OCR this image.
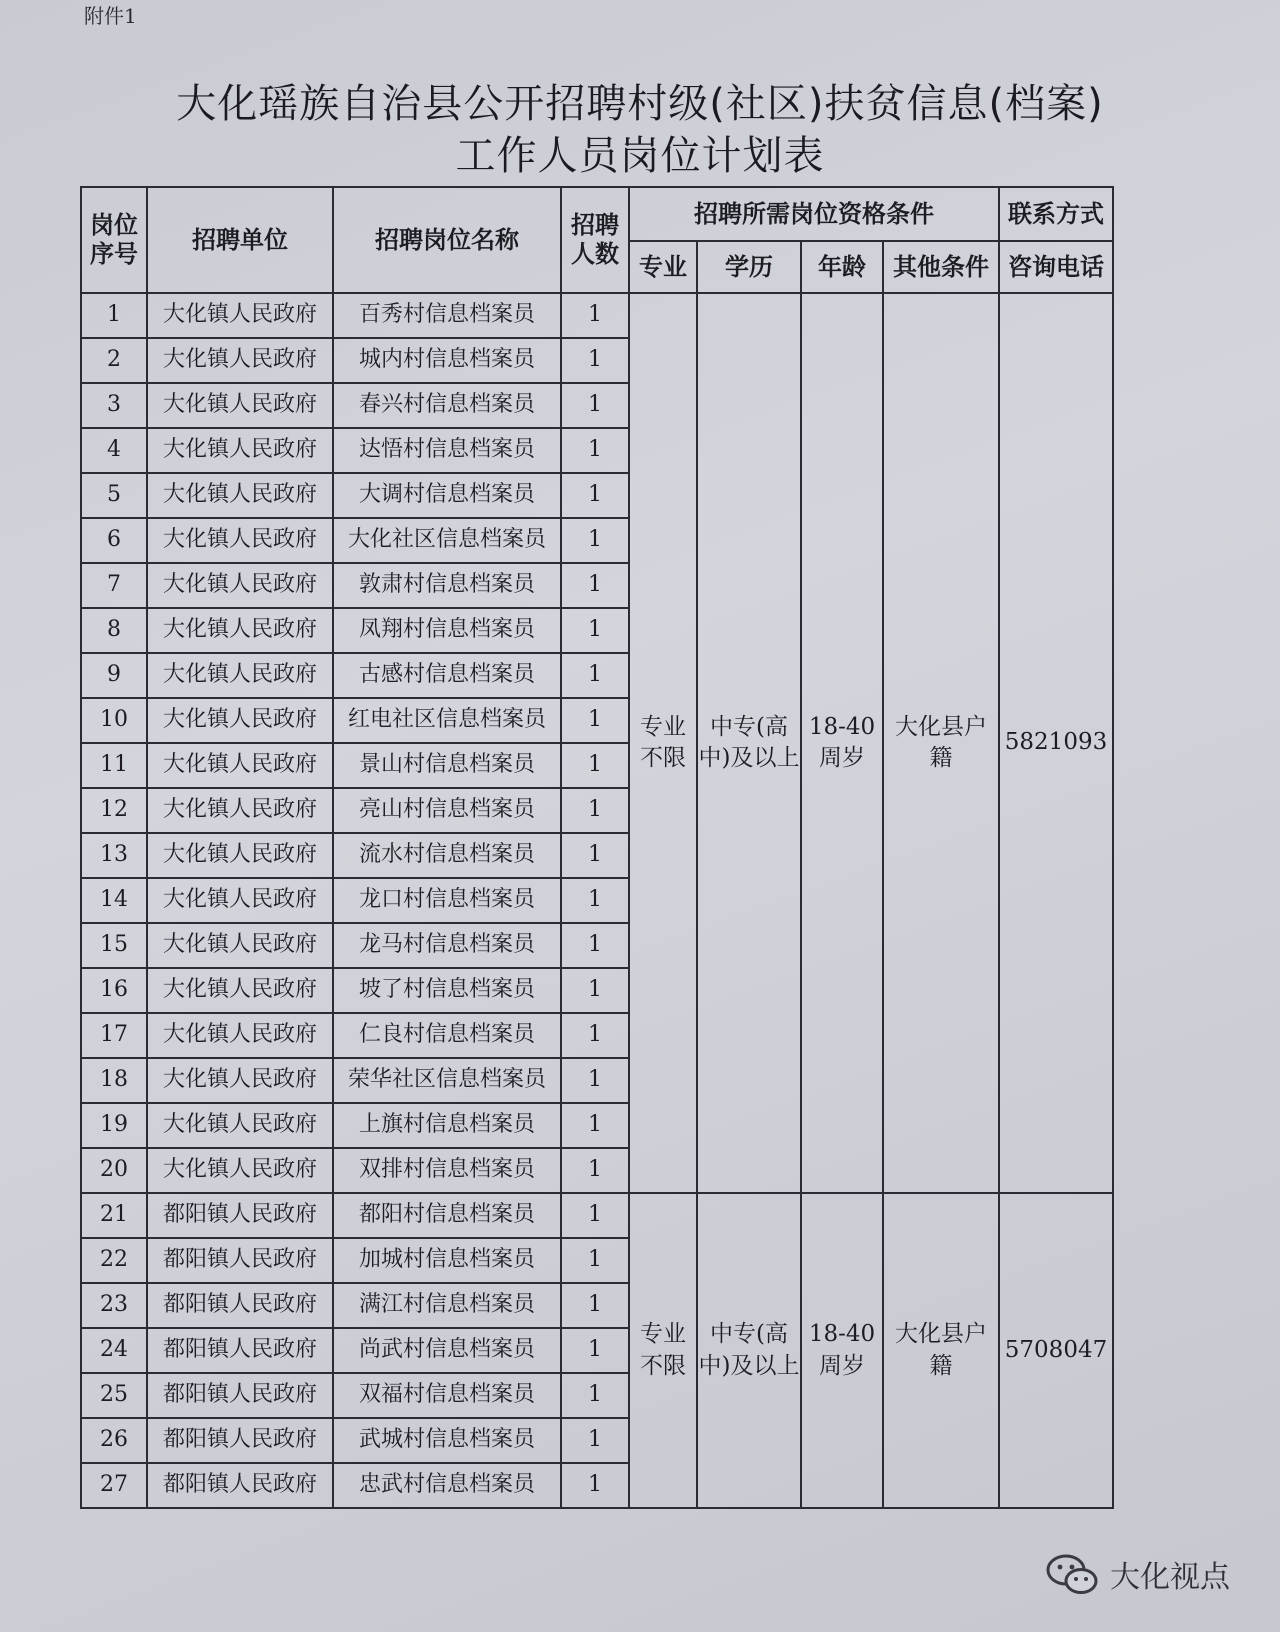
附件1
大化瑶族自治县公开招聘村级(社区)扶贫信息(档案)
工作人员岗位计划表
岗位序号	招聘单位	招聘岗位名称	招聘人数	招聘所需岗位资格条件				联系方式
				专业	学历	年龄	其他条件	咨询电话
1	大化镇人民政府	百秀村信息档案员	1	专业不限	中专(高中)及以上	18-40周岁	大化县户籍	5821093
2	大化镇人民政府	城内村信息档案员	1					
3	大化镇人民政府	春兴村信息档案员	1					
4	大化镇人民政府	达悟村信息档案员	1					
5	大化镇人民政府	大调村信息档案员	1					
6	大化镇人民政府	大化社区信息档案员	1					
7	大化镇人民政府	敦肃村信息档案员	1					
8	大化镇人民政府	凤翔村信息档案员	1					
9	大化镇人民政府	古感村信息档案员	1					
10	大化镇人民政府	红电社区信息档案员	1					
11	大化镇人民政府	景山村信息档案员	1					
12	大化镇人民政府	亮山村信息档案员	1					
13	大化镇人民政府	流水村信息档案员	1					
14	大化镇人民政府	龙口村信息档案员	1					
15	大化镇人民政府	龙马村信息档案员	1					
16	大化镇人民政府	坡了村信息档案员	1					
17	大化镇人民政府	仁良村信息档案员	1					
18	大化镇人民政府	荣华社区信息档案员	1					
19	大化镇人民政府	上旗村信息档案员	1					
20	大化镇人民政府	双排村信息档案员	1					
21	都阳镇人民政府	都阳村信息档案员	1	专业不限	中专(高中)及以上	18-40周岁	大化县户籍	5708047
22	都阳镇人民政府	加城村信息档案员	1					
23	都阳镇人民政府	满江村信息档案员	1					
24	都阳镇人民政府	尚武村信息档案员	1					
25	都阳镇人民政府	双福村信息档案员	1					
26	都阳镇人民政府	武城村信息档案员	1					
27	都阳镇人民政府	忠武村信息档案员	1					
大化视点
